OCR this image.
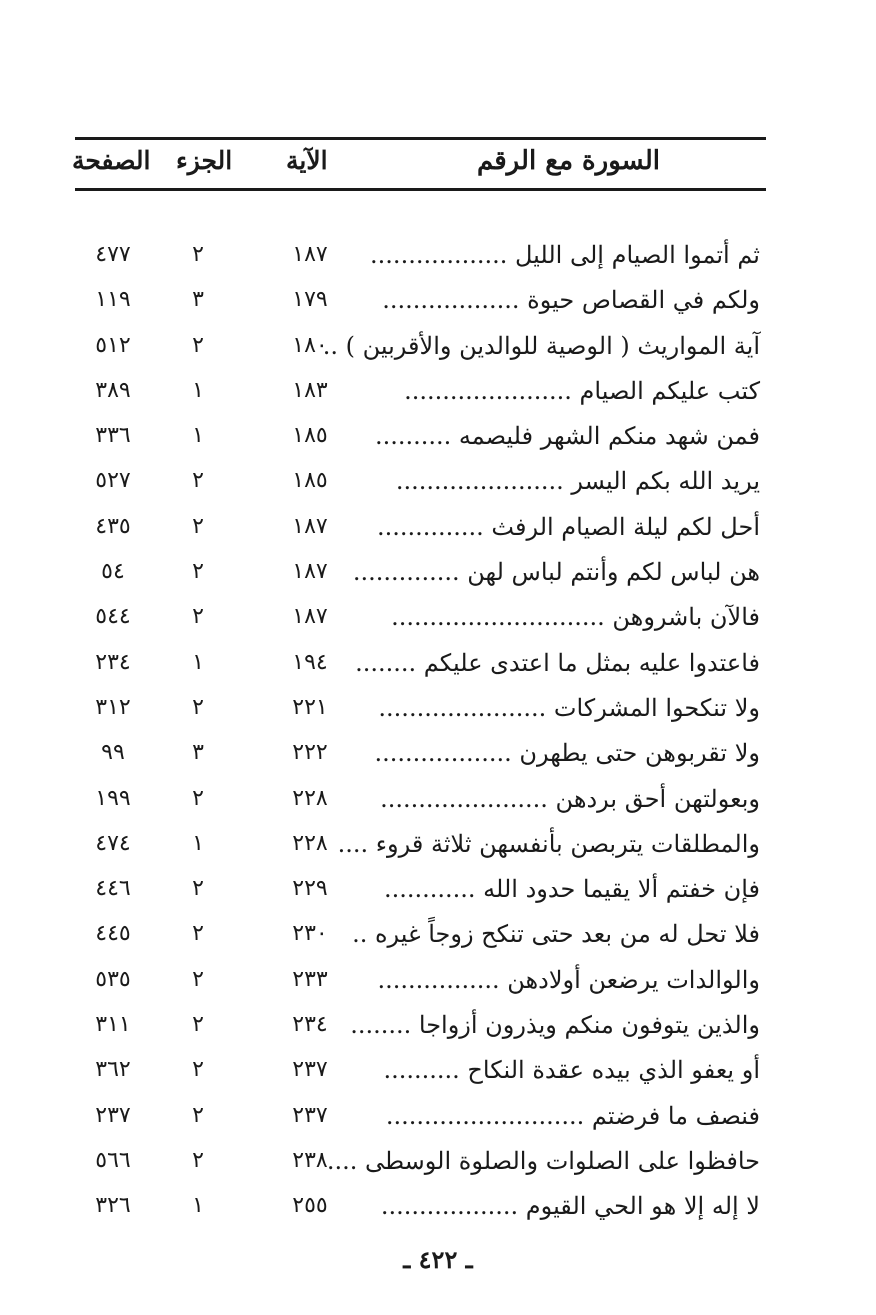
السورة مع الرقم
الآية
الجزء
الصفحة
ثم أتموا الصيام إلى الليل ..................
١٨٧
٢
٤٧٧
ولكم في القصاص حيوة ..................
١٧٩
٣
١١٩
آية المواريث ( الوصية للوالدين والأقربين ) ..
١٨٠
٢
٥١٢
كتب عليكم الصيام ......................
١٨٣
١
٣٨٩
فمن شهد منكم الشهر فليصمه ..........
١٨٥
١
٣٣٦
يريد الله بكم اليسر ......................
١٨٥
٢
٥٢٧
أحل لكم ليلة الصيام الرفث ..............
١٨٧
٢
٤٣٥
هن لباس لكم وأنتم لباس لهن ..............
١٨٧
٢
٥٤
فالآن باشروهن ............................
١٨٧
٢
٥٤٤
فاعتدوا عليه بمثل ما اعتدى عليكم ........
١٩٤
١
٢٣٤
ولا تنكحوا المشركات ......................
٢٢١
٢
٣١٢
ولا تقربوهن حتى يطهرن ..................
٢٢٢
٣
٩٩
وبعولتهن أحق بردهن ......................
٢٢٨
٢
١٩٩
والمطلقات يتربصن بأنفسهن ثلاثة قروء ....
٢٢٨
١
٤٧٤
فإن خفتم ألا يقيما حدود الله ............
٢٢٩
٢
٤٤٦
فلا تحل له من بعد حتى تنكح زوجاً غيره ..
٢٣٠
٢
٤٤٥
والوالدات يرضعن أولادهن ................
٢٣٣
٢
٥٣٥
والذين يتوفون منكم ويذرون أزواجا ........
٢٣٤
٢
٣١١
أو يعفو الذي بيده عقدة النكاح ..........
٢٣٧
٢
٣٦٢
فنصف ما فرضتم ..........................
٢٣٧
٢
٢٣٧
حافظوا على الصلوات والصلوة الوسطى ....
٢٣٨
٢
٥٦٦
لا إله إلا هو الحي القيوم ..................
٢٥٥
١
٣٢٦
ـ ٤٢٢ ـ
